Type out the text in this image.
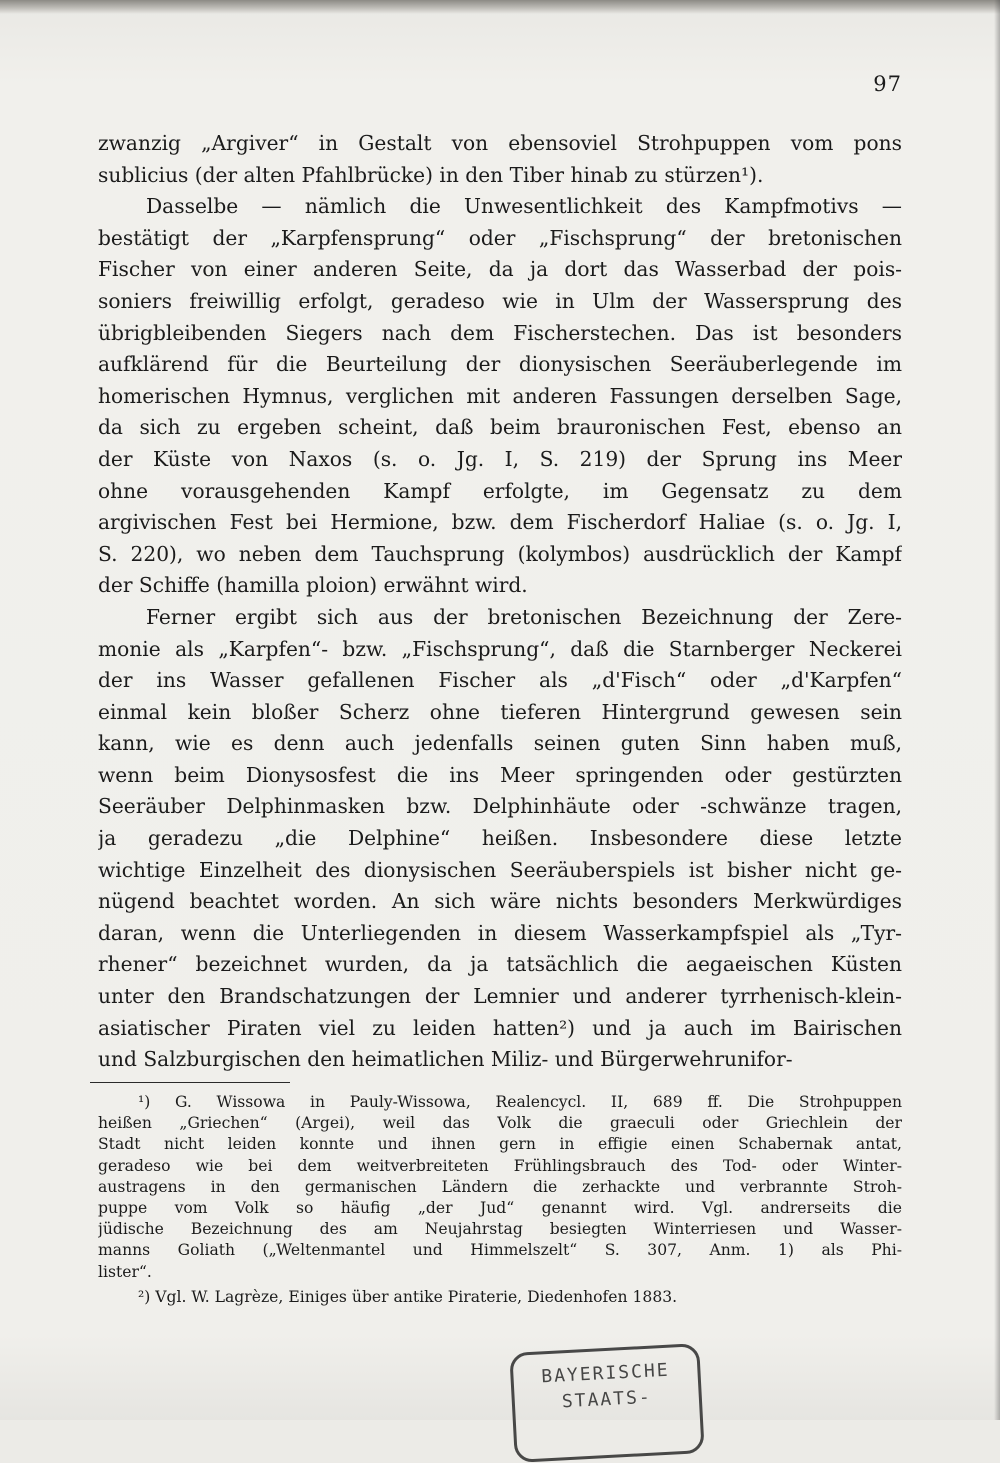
97
zwanzig „Argiver“ in Gestalt von ebensoviel Strohpuppen vom pons
sublicius (der alten Pfahlbrücke) in den Tiber hinab zu stürzen¹).
Dasselbe — nämlich die Unwesentlichkeit des Kampfmotivs —
bestätigt der „Karpfensprung“ oder „Fischsprung“ der bretonischen
Fischer von einer anderen Seite, da ja dort das Wasserbad der pois-
soniers freiwillig erfolgt, geradeso wie in Ulm der Wassersprung des
übrigbleibenden Siegers nach dem Fischerstechen. Das ist besonders
aufklärend für die Beurteilung der dionysischen Seeräuberlegende im
homerischen Hymnus, verglichen mit anderen Fassungen derselben Sage,
da sich zu ergeben scheint, daß beim brauronischen Fest, ebenso an
der Küste von Naxos (s. o. Jg. I, S. 219) der Sprung ins Meer
ohne vorausgehenden Kampf erfolgte, im Gegensatz zu dem
argivischen Fest bei Hermione, bzw. dem Fischerdorf Haliae (s. o. Jg. I,
S. 220), wo neben dem Tauchsprung (kolymbos) ausdrücklich der Kampf
der Schiffe (hamilla ploion) erwähnt wird.
Ferner ergibt sich aus der bretonischen Bezeichnung der Zere-
monie als „Karpfen“- bzw. „Fischsprung“, daß die Starnberger Neckerei
der ins Wasser gefallenen Fischer als „d'Fisch“ oder „d'Karpfen“
einmal kein bloßer Scherz ohne tieferen Hintergrund gewesen sein
kann, wie es denn auch jedenfalls seinen guten Sinn haben muß,
wenn beim Dionysosfest die ins Meer springenden oder gestürzten
Seeräuber Delphinmasken bzw. Delphinhäute oder -schwänze tragen,
ja geradezu „die Delphine“ heißen. Insbesondere diese letzte
wichtige Einzelheit des dionysischen Seeräuberspiels ist bisher nicht ge-
nügend beachtet worden. An sich wäre nichts besonders Merkwürdiges
daran, wenn die Unterliegenden in diesem Wasserkampfspiel als „Tyr-
rhener“ bezeichnet wurden, da ja tatsächlich die aegaeischen Küsten
unter den Brandschatzungen der Lemnier und anderer tyrrhenisch-klein-
asiatischer Piraten viel zu leiden hatten²) und ja auch im Bairischen
und Salzburgischen den heimatlichen Miliz- und Bürgerwehrunifor-
¹) G. Wissowa in Pauly-Wissowa, Realencycl. II, 689 ff. Die Strohpuppen
heißen „Griechen“ (Argei), weil das Volk die graeculi oder Griechlein der
Stadt nicht leiden konnte und ihnen gern in effigie einen Schabernak antat,
geradeso wie bei dem weitverbreiteten Frühlingsbrauch des Tod- oder Winter-
austragens in den germanischen Ländern die zerhackte und verbrannte Stroh-
puppe vom Volk so häufig „der Jud“ genannt wird. Vgl. andrerseits die
jüdische Bezeichnung des am Neujahrstag besiegten Winterriesen und Wasser-
manns Goliath („Weltenmantel und Himmelszelt“ S. 307, Anm. 1) als Phi-
lister“.
²) Vgl. W. Lagrèze, Einiges über antike Piraterie, Diedenhofen 1883.
BAYERISCHE
STAATS-
